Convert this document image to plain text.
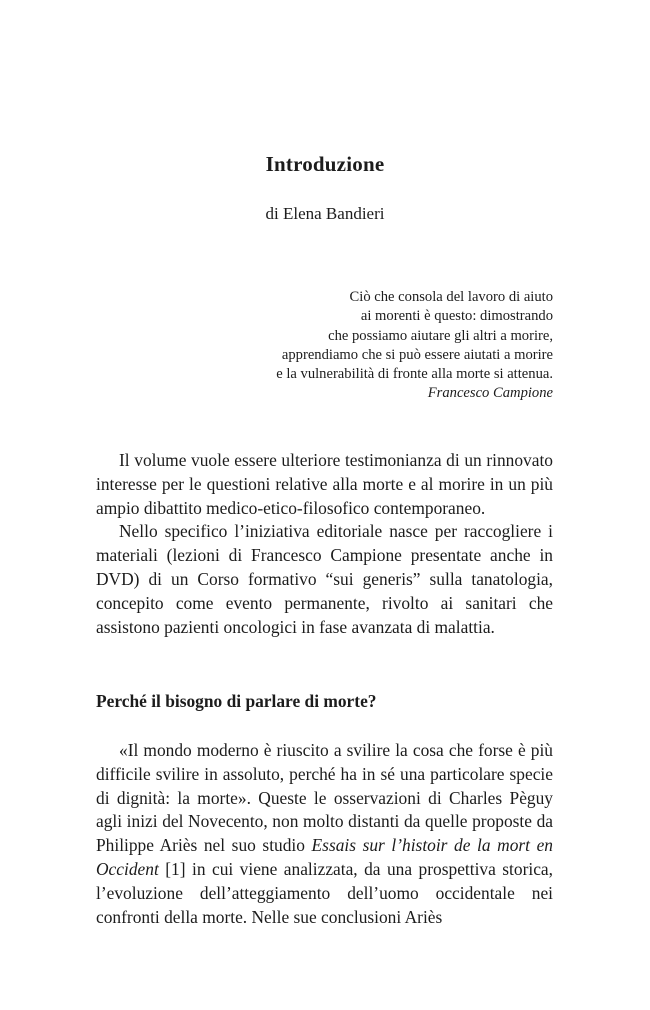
Introduzione
di Elena Bandieri
Ciò che consola del lavoro di aiuto
ai morenti è questo: dimostrando
che possiamo aiutare gli altri a morire,
apprendiamo che si può essere aiutati a morire
e la vulnerabilità di fronte alla morte si attenua.
Francesco Campione

Il volume vuole essere ulteriore testimonianza di un rinnovato interesse per le questioni relative alla morte e al morire in un più ampio dibattito medico-etico-filosofico contemporaneo.

Nello specifico l’iniziativa editoriale nasce per raccogliere i materiali (lezioni di Francesco Campione presentate anche in DVD) di un Corso formativo “sui generis” sulla tanatologia, concepito come evento permanente, rivolto ai sanitari che assistono pazienti oncologici in fase avanzata di malattia.

Perché il bisogno di parlare di morte?

«Il mondo moderno è riuscito a svilire la cosa che forse è più difficile svilire in assoluto, perché ha in sé una particolare specie di dignità: la morte». Queste le osservazioni di Charles Pèguy agli inizi del Novecento, non molto distanti da quelle proposte da Philippe Ariès nel suo studio Essais sur l’histoir de la mort en Occident [1] in cui viene analizzata, da una prospettiva storica, l’evoluzione dell’atteggiamento dell’uomo occidentale nei confronti della morte. Nelle sue conclusioni Ariès
